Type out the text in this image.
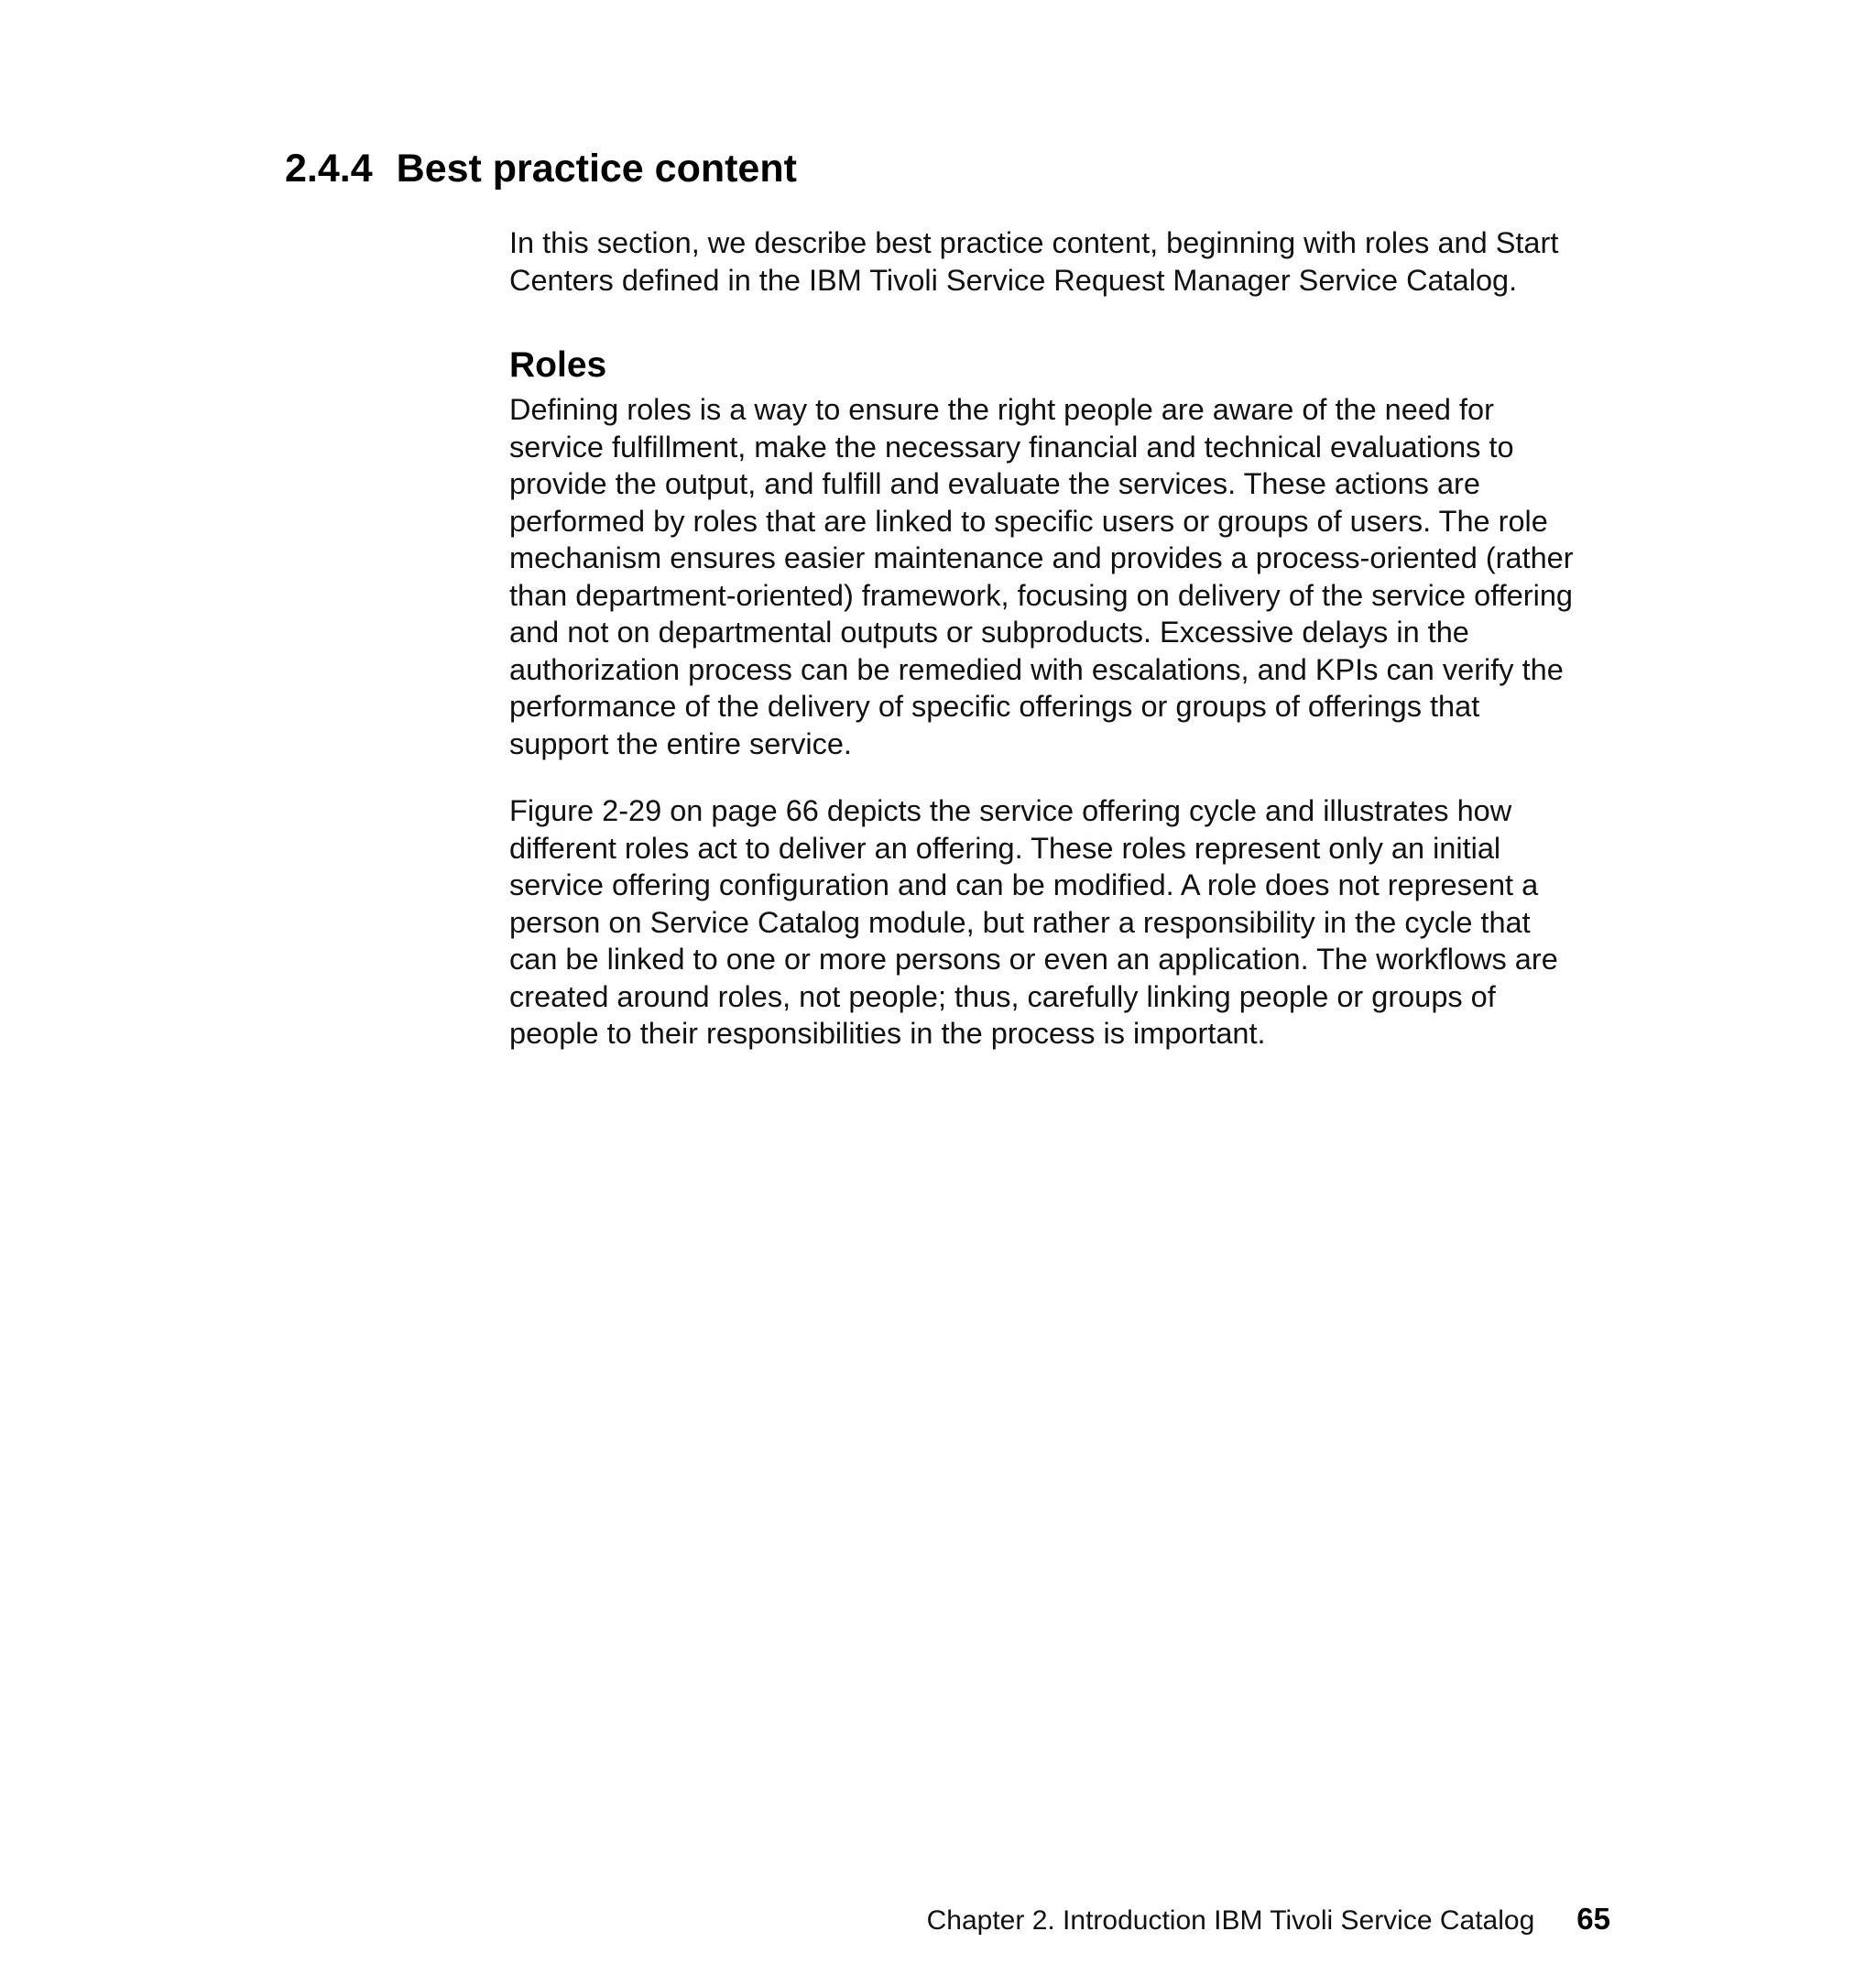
2.4.4 Best practice content

In this section, we describe best practice content, beginning with roles and Start
Centers defined in the IBM Tivoli Service Request Manager Service Catalog.

Roles

Defining roles is a way to ensure the right people are aware of the need for
service fulfillment, make the necessary financial and technical evaluations to
provide the output, and fulfill and evaluate the services. These actions are
performed by roles that are linked to specific users or groups of users. The role
mechanism ensures easier maintenance and provides a process-oriented (rather
than department-oriented) framework, focusing on delivery of the service offering
and not on departmental outputs or subproducts. Excessive delays in the
authorization process can be remedied with escalations, and KPIs can verify the
performance of the delivery of specific offerings or groups of offerings that
support the entire service.

Figure 2-29 on page 66 depicts the service offering cycle and illustrates how
different roles act to deliver an offering. These roles represent only an initial
service offering configuration and can be modified. A role does not represent a
person on Service Catalog module, but rather a responsibility in the cycle that
can be linked to one or more persons or even an application. The workflows are
created around roles, not people; thus, carefully linking people or groups of
people to their responsibilities in the process is important.

Chapter 2. Introduction IBM Tivoli Service Catalog 65
